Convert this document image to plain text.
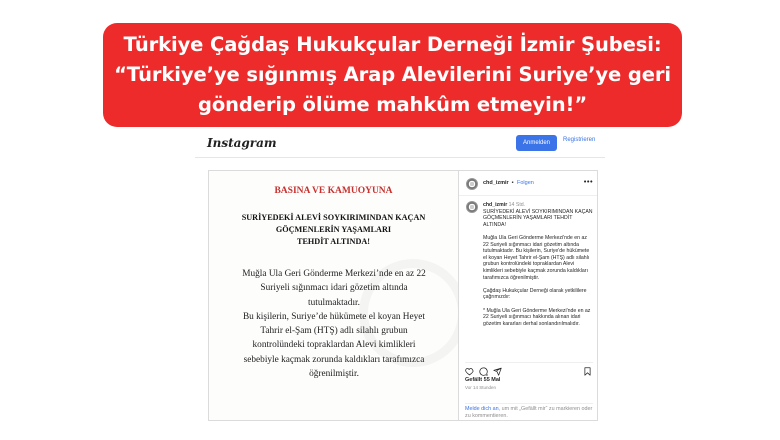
Türkiye Çağdaş Hukukçular Derneği İzmir Şubesi:
“Türkiye’ye sığınmış Arap Alevilerini Suriye’ye geri
gönderip ölüme mahkûm etmeyin!”
Instagram	Anmelden	Registrieren
BASINA VE KAMUOYUNA
SURİYEDEKİ ALEVİ SOYKIRIMINDAN KAÇAN
GÖÇMENLERİN YAŞAMLARI
TEHDİT ALTINDA!
Muğla Ula Geri Gönderme Merkezi’nde en az 22
Suriyeli sığınmacı idari gözetim altında
tutulmaktadır.
Bu kişilerin, Suriye’de hükümete el koyan Heyet
Tahrir el-Şam (HTŞ) adlı silahlı grubun
kontrolündeki topraklardan Alevi kimlikleri
sebebiyle kaçmak zorunda kaldıkları tarafımızca
öğrenilmiştir.
chd_izmir • Folgen	•••

chd_izmir 14 Std.
SURİYEDEKİ ALEVİ SOYKIRIMINDAN KAÇAN GÖÇMENLERİN YAŞAMLARI TEHDİT ALTINDA!

Muğla Ula Geri Gönderme Merkezi'nde en az 22 Suriyeli sığınmacı idari gözetim altında tutulmaktadır. Bu kişilerin, Suriye'de hükümete el koyan Heyet Tahrir el-Şam (HTŞ) adlı silahlı grubun kontrolündeki topraklardan Alevi kimlikleri sebebiyle kaçmak zorunda kaldıkları tarafımızca öğrenilmiştir.

Çağdaş Hukukçular Derneği olarak yetkililere çağrımızdır:

* Muğla Ula Geri Gönderme Merkezi'nde en az 22 Suriyeli sığınmacı hakkında alınan idari gözetim kararları derhal sonlandırılmalıdır.

Gefällt 55 Mal
Vor 14 Stunden
Melde dich an, um mit „Gefällt mir“ zu markieren oder zu kommentieren.
